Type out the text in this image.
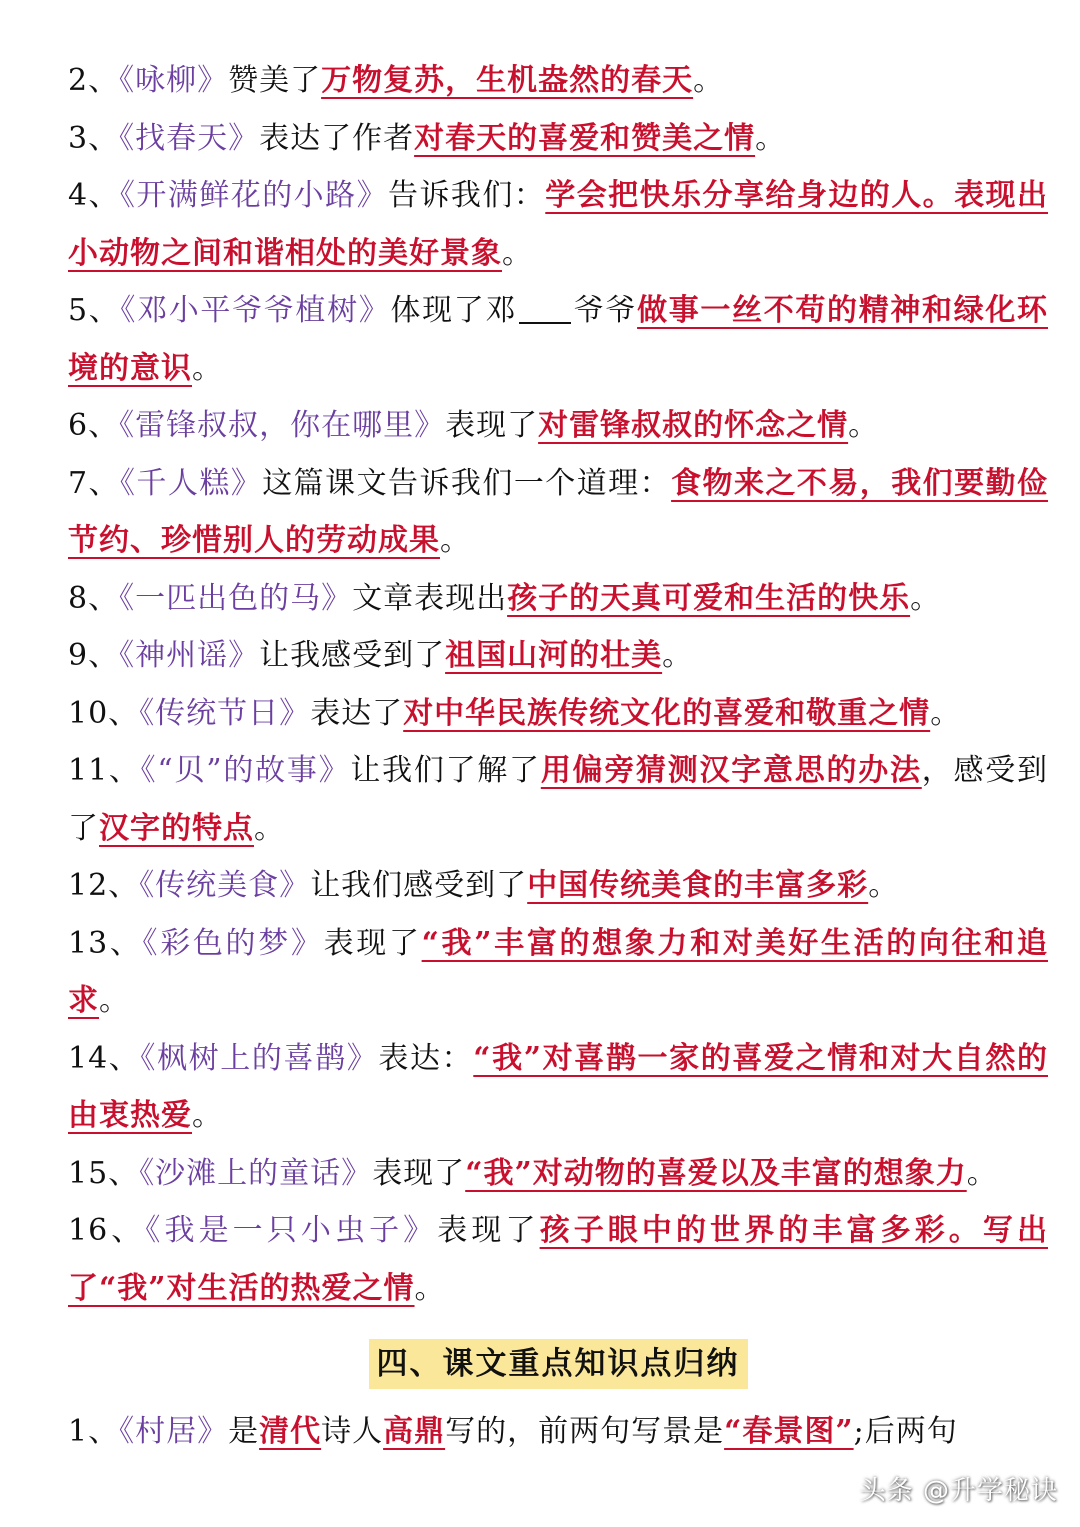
2、《咏柳》赞美了万物复苏，生机盎然的春天。
3、《找春天》表达了作者对春天的喜爱和赞美之情。
4、《开满鲜花的小路》告诉我们：学会把快乐分享给身边的人。表现出小动物之间和谐相处的美好景象。
5、《邓小平爷爷植树》体现了邓 爷爷做事一丝不苟的精神和绿化环境的意识。
6、《雷锋叔叔，你在哪里》表现了对雷锋叔叔的怀念之情。
7、《千人糕》这篇课文告诉我们一个道理：食物来之不易，我们要勤俭节约、珍惜别人的劳动成果。
8、《一匹出色的马》文章表现出孩子的天真可爱和生活的快乐。
9、《神州谣》让我感受到了祖国山河的壮美。
10、《传统节日》表达了对中华民族传统文化的喜爱和敬重之情。
11、《“贝”的故事》让我们了解了用偏旁猜测汉字意思的办法，感受到了汉字的特点。
12、《传统美食》让我们感受到了中国传统美食的丰富多彩。
13、《彩色的梦》表现了“我”丰富的想象力和对美好生活的向往和追求。
14、《枫树上的喜鹊》表达：“我”对喜鹊一家的喜爱之情和对大自然的由衷热爱。
15、《沙滩上的童话》表现了“我”对动物的喜爱以及丰富的想象力。
16、《我是一只小虫子》表现了孩子眼中的世界的丰富多彩。写出了“我”对生活的热爱之情。
四、课文重点知识点归纳
1、《村居》是清代诗人高鼎写的，前两句写景是“春景图”;后两句
头条 @升学秘诀
